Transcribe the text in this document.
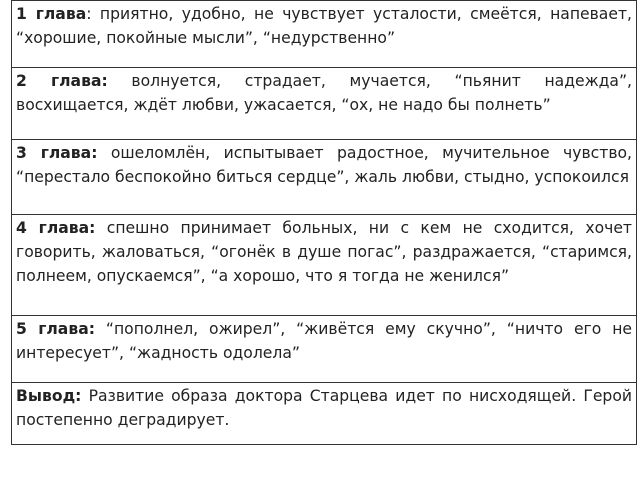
1 глава: приятно, удобно, не чувствует усталости, смеётся, напевает, “хорошие, покойные мысли”, “недурственно”
2 глава: волнуется, страдает, мучается, “пьянит надежда”, восхищается, ждёт любви, ужасается, “ох, не надо бы полнеть”
3 глава: ошеломлён, испытывает радостное, мучительное чувство, “перестало беспокойно биться сердце”, жаль любви, стыдно, успокоился
4 глава: спешно принимает больных, ни с кем не сходится, хочет говорить, жаловаться, “огонёк в душе погас”, раздражается, “старимся, полнеем, опускаемся”, “а хорошо, что я тогда не женился”
5 глава: “пополнел, ожирел”, “живётся ему скучно”, “ничто его не интересует”, “жадность одолела”
Вывод: Развитие образа доктора Старцева идет по нисходящей. Герой постепенно деградирует.
